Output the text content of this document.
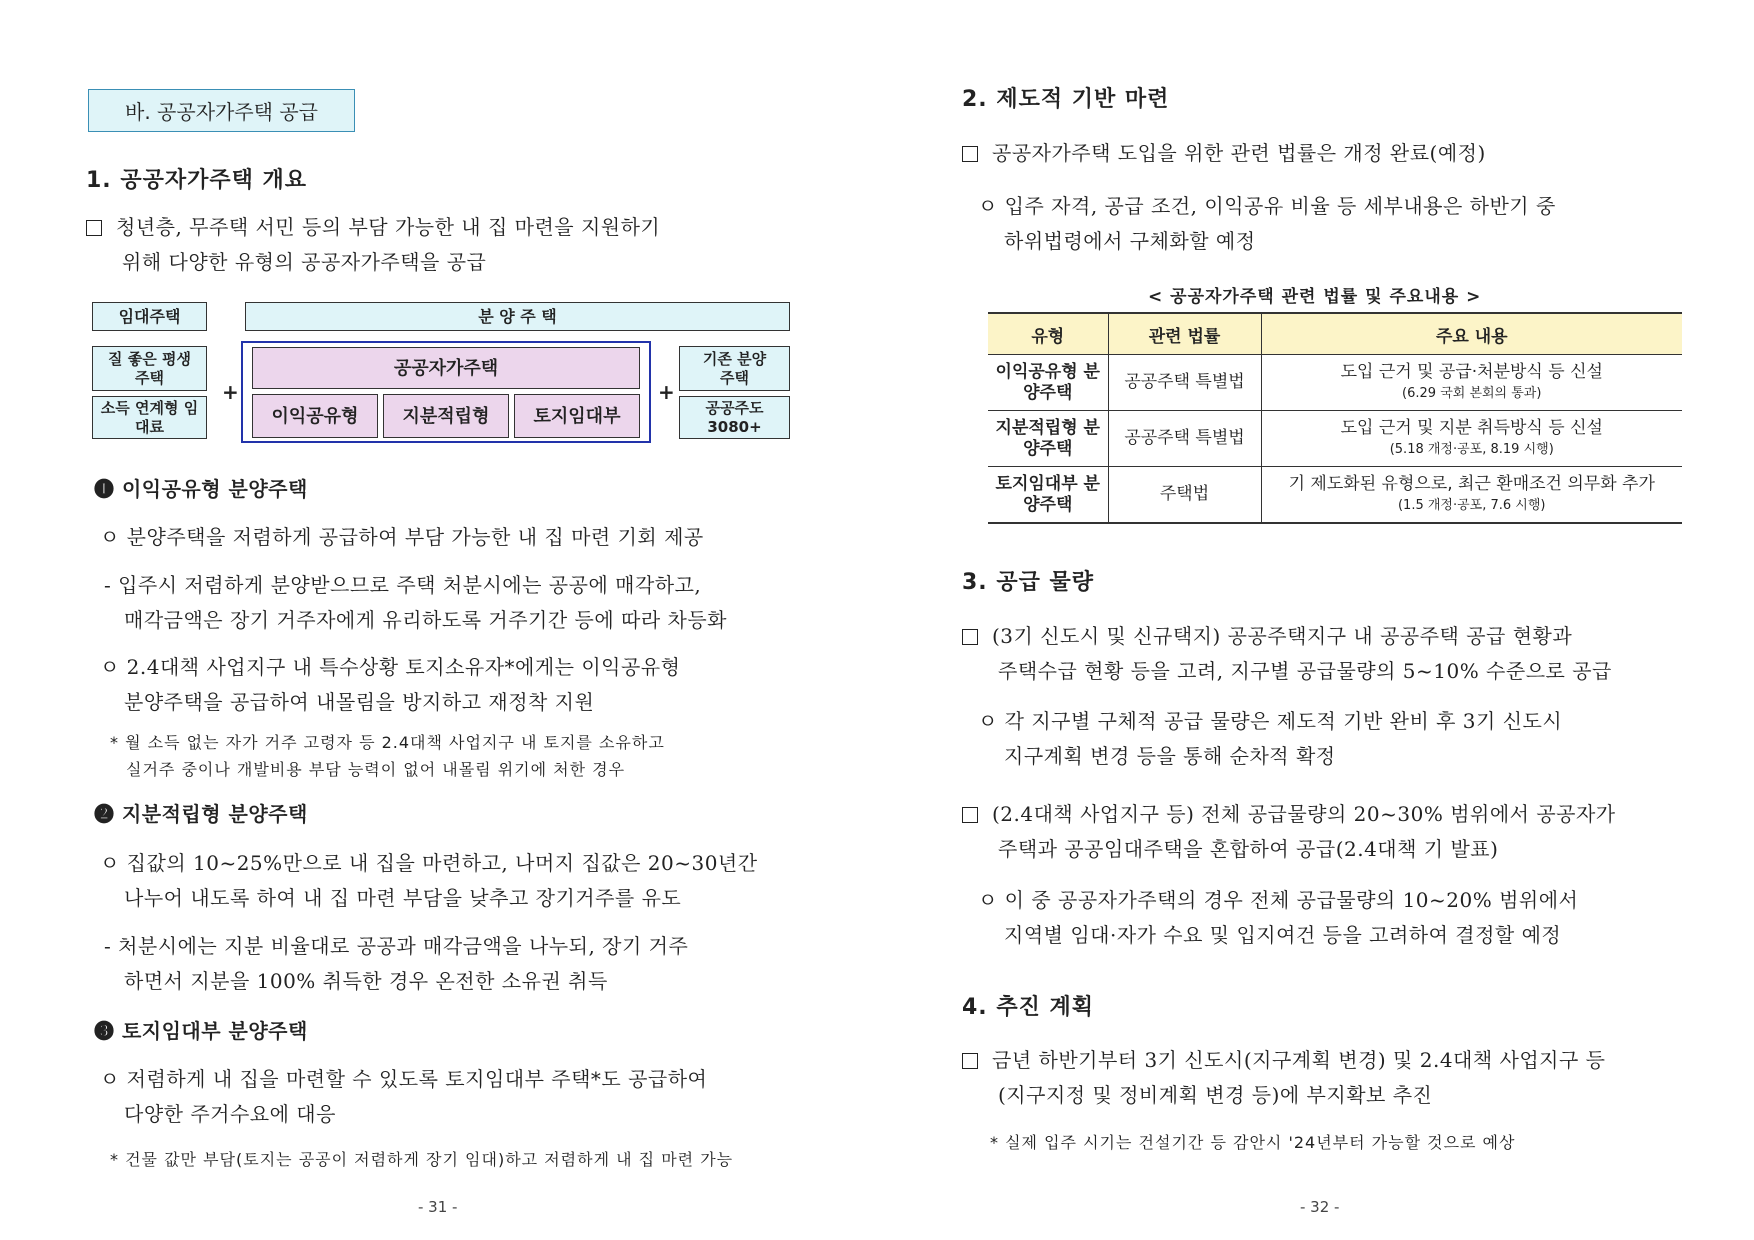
바. 공공자가주택 공급
1. 공공자가주택 개요
청년층, 무주택 서민 등의 부담 가능한 내 집 마련을 지원하기
위해 다양한 유형의 공공자가주택을 공급
임대주택	분 양 주 택
질 좋은 평생주택
소득 연계형 임대료
+
공공자가주택
이익공유형	지분적립형	토지임대부
+
기존 분양주택
공공주도 3080+
❶ 이익공유형 분양주택
ㅇ 분양주택을 저렴하게 공급하여 부담 가능한 내 집 마련 기회 제공
- 입주시 저렴하게 분양받으므로 주택 처분시에는 공공에 매각하고,
매각금액은 장기 거주자에게 유리하도록 거주기간 등에 따라 차등화
ㅇ 2.4대책 사업지구 내 특수상황 토지소유자*에게는 이익공유형
분양주택을 공급하여 내몰림을 방지하고 재정착 지원
* 월 소득 없는 자가 거주 고령자 등 2.4대책 사업지구 내 토지를 소유하고
실거주 중이나 개발비용 부담 능력이 없어 내몰림 위기에 처한 경우
❷ 지분적립형 분양주택
ㅇ 집값의 10~25%만으로 내 집을 마련하고, 나머지 집값은 20~30년간
나누어 내도록 하여 내 집 마련 부담을 낮추고 장기거주를 유도
- 처분시에는 지분 비율대로 공공과 매각금액을 나누되, 장기 거주
하면서 지분을 100% 취득한 경우 온전한 소유권 취득
❸ 토지임대부 분양주택
ㅇ 저렴하게 내 집을 마련할 수 있도록 토지임대부 주택*도 공급하여
다양한 주거수요에 대응
* 건물 값만 부담(토지는 공공이 저렴하게 장기 임대)하고 저렴하게 내 집 마련 가능
- 31 -
2. 제도적 기반 마련
공공자가주택 도입을 위한 관련 법률은 개정 완료(예정)
ㅇ 입주 자격, 공급 조건, 이익공유 비율 등 세부내용은 하반기 중
하위법령에서 구체화할 예정
< 공공자가주택 관련 법률 및 주요내용 >
유형	관련 법률	주요 내용
이익공유형 분양주택	공공주택 특별법	도입 근거 및 공급·처분방식 등 신설
(6.29 국회 본회의 통과)

지분적립형 분양주택	공공주택 특별법	도입 근거 및 지분 취득방식 등 신설
(5.18 개정·공포, 8.19 시행)

토지임대부 분양주택	주택법	기 제도화된 유형으로, 최근 환매조건 의무화 추가
(1.5 개정·공포, 7.6 시행)
3. 공급 물량
(3기 신도시 및 신규택지) 공공주택지구 내 공공주택 공급 현황과
주택수급 현황 등을 고려, 지구별 공급물량의 5~10% 수준으로 공급
ㅇ 각 지구별 구체적 공급 물량은 제도적 기반 완비 후 3기 신도시
지구계획 변경 등을 통해 순차적 확정
(2.4대책 사업지구 등) 전체 공급물량의 20~30% 범위에서 공공자가
주택과 공공임대주택을 혼합하여 공급(2.4대책 기 발표)
ㅇ 이 중 공공자가주택의 경우 전체 공급물량의 10~20% 범위에서
지역별 임대·자가 수요 및 입지여건 등을 고려하여 결정할 예정
4. 추진 계획
금년 하반기부터 3기 신도시(지구계획 변경) 및 2.4대책 사업지구 등
(지구지정 및 정비계획 변경 등)에 부지확보 추진
* 실제 입주 시기는 건설기간 등 감안시 '24년부터 가능할 것으로 예상
- 32 -
